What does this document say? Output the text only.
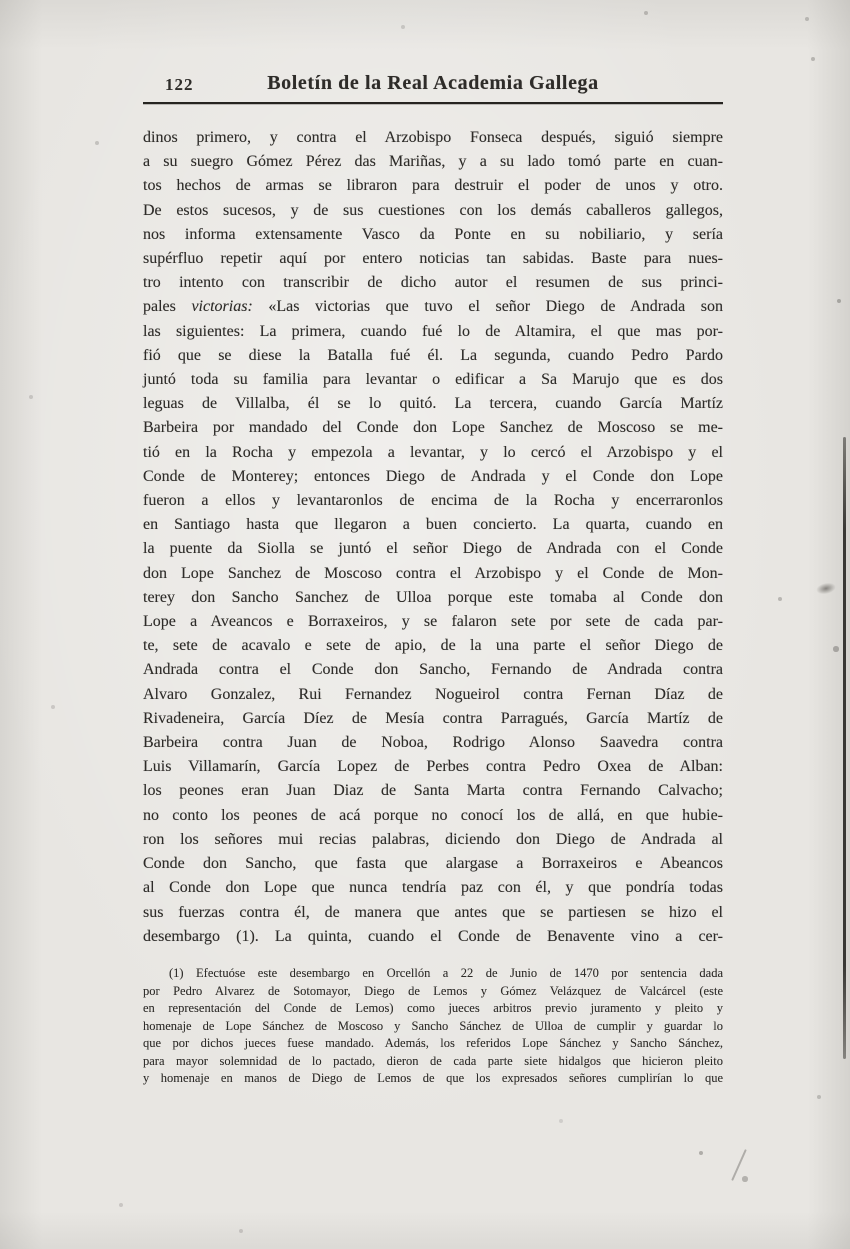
122	Boletín de la Real Academia Gallega
dinos primero, y contra el Arzobispo Fonseca después, siguió siempre
a su suegro Gómez Pérez das Mariñas, y a su lado tomó parte en cuan-
tos hechos de armas se libraron para destruir el poder de unos y otro.
De estos sucesos, y de sus cuestiones con los demás caballeros gallegos,
nos informa extensamente Vasco da Ponte en su nobiliario, y sería
supérfluo repetir aquí por entero noticias tan sabidas. Baste para nues-
tro intento con transcribir de dicho autor el resumen de sus princi-
pales victorias: «Las victorias que tuvo el señor Diego de Andrada son
las siguientes: La primera, cuando fué lo de Altamira, el que mas por-
fió que se diese la Batalla fué él. La segunda, cuando Pedro Pardo
juntó toda su familia para levantar o edificar a Sa Marujo que es dos
leguas de Villalba, él se lo quitó. La tercera, cuando García Martíz
Barbeira por mandado del Conde don Lope Sanchez de Moscoso se me-
tió en la Rocha y empezola a levantar, y lo cercó el Arzobispo y el
Conde de Monterey; entonces Diego de Andrada y el Conde don Lope
fueron a ellos y levantaronlos de encima de la Rocha y encerraronlos
en Santiago hasta que llegaron a buen concierto. La quarta, cuando en
la puente da Siolla se juntó el señor Diego de Andrada con el Conde
don Lope Sanchez de Moscoso contra el Arzobispo y el Conde de Mon-
terey don Sancho Sanchez de Ulloa porque este tomaba al Conde don
Lope a Aveancos e Borraxeiros, y se falaron sete por sete de cada par-
te, sete de acavalo e sete de apio, de la una parte el señor Diego de
Andrada contra el Conde don Sancho, Fernando de Andrada contra
Alvaro Gonzalez, Rui Fernandez Nogueirol contra Fernan Díaz de
Rivadeneira, García Díez de Mesía contra Parragués, García Martíz de
Barbeira contra Juan de Noboa, Rodrigo Alonso Saavedra contra
Luis Villamarín, García Lopez de Perbes contra Pedro Oxea de Alban:
los peones eran Juan Diaz de Santa Marta contra Fernando Calvacho;
no conto los peones de acá porque no conocí los de allá, en que hubie-
ron los señores mui recias palabras, diciendo don Diego de Andrada al
Conde don Sancho, que fasta que alargase a Borraxeiros e Abeancos
al Conde don Lope que nunca tendría paz con él, y que pondría todas
sus fuerzas contra él, de manera que antes que se partiesen se hizo el
desembargo (1). La quinta, cuando el Conde de Benavente vino a cer-
(1) Efectuóse este desembargo en Orcellón a 22 de Junio de 1470 por sentencia dada
por Pedro Alvarez de Sotomayor, Diego de Lemos y Gómez Velázquez de Valcárcel (este
en representación del Conde de Lemos) como jueces arbitros previo juramento y pleito y
homenaje de Lope Sánchez de Moscoso y Sancho Sánchez de Ulloa de cumplir y guardar lo
que por dichos jueces fuese mandado. Además, los referidos Lope Sánchez y Sancho Sánchez,
para mayor solemnidad de lo pactado, dieron de cada parte siete hidalgos que hicieron pleito
y homenaje en manos de Diego de Lemos de que los expresados señores cumplirían lo que
